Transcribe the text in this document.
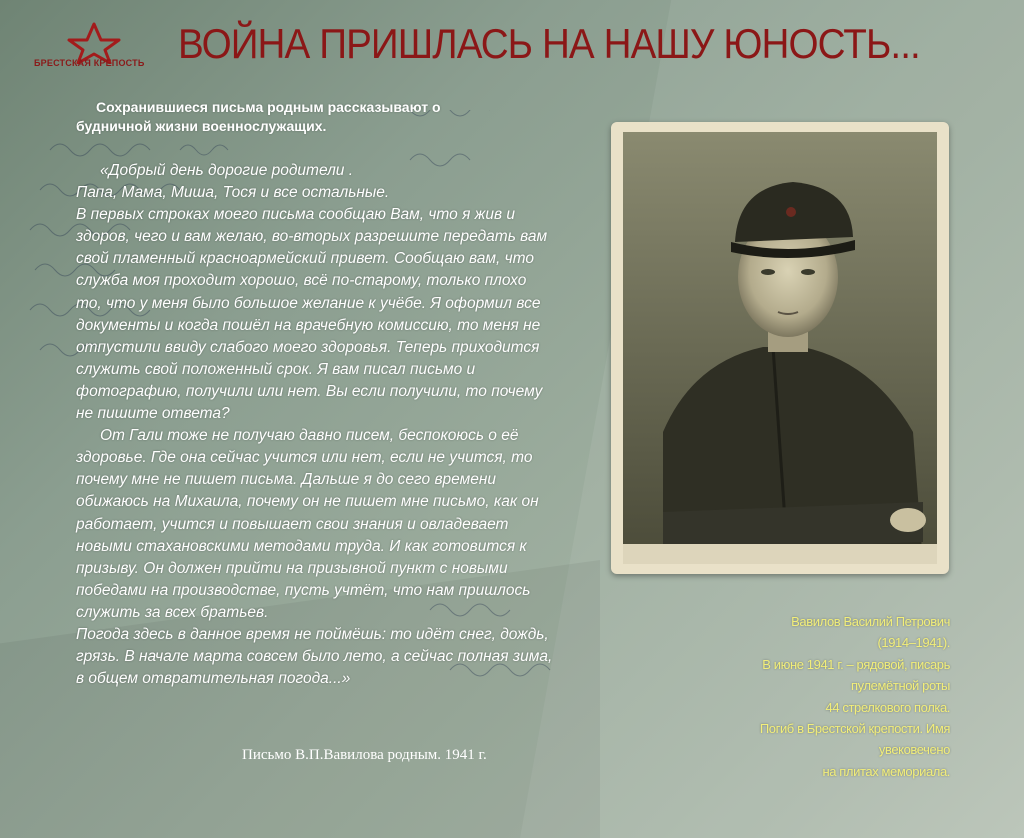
БРЕСТСКАЯ КРЕПОСТЬ ВОЙНА ПРИШЛАСЬ НА НАШУ ЮНОСТЬ...
Сохранившиеся письма родным рассказывают о будничной жизни военнослужащих.

«Добрый день дорогие родители .

Папа, Мама, Миша, Тося и все остальные.

В первых строках моего письма сообщаю Вам, что я жив и здоров, чего и вам желаю, во-вторых разрешите передать вам свой пламенный красноармейский привет. Сообщаю вам, что служба моя проходит хорошо, всё по-старому, только плохо то, что у меня было большое желание к учёбе. Я оформил все документы и когда пошёл на врачебную комиссию, то меня не отпустили ввиду слабого моего здоровья. Теперь приходится служить свой положенный срок. Я вам писал письмо и фотографию, получили или нет. Вы если получили, то почему не пишите ответа?

От Гали тоже не получаю давно писем, беспокоюсь о её здоровье. Где она сейчас учится или нет, если не учится, то почему мне не пишет письма. Дальше я до сего времени обижаюсь на Михаила, почему он не пишет мне письмо, как он работает, учится и повышает свои знания и овладевает новыми стахановскими методами труда. И как готовится к призыву. Он должен прийти на призывной пункт с новыми победами на производстве, пусть учтёт, что нам пришлось служить за всех братьев.

Погода здесь в данное время не поймёшь: то идёт снег, дождь, грязь. В начале марта совсем было лето, а сейчас полная зима, в общем отвратительная погода...»

Письмо В.П.Вавилова родным. 1941 г.
Вавилов Василий Петрович
(1914–1941).
В июне 1941 г. – рядовой, писарь
пулемётной роты
44 стрелкового полка.
Погиб в Брестской крепости. Имя
увековечено
на плитах мемориала.
